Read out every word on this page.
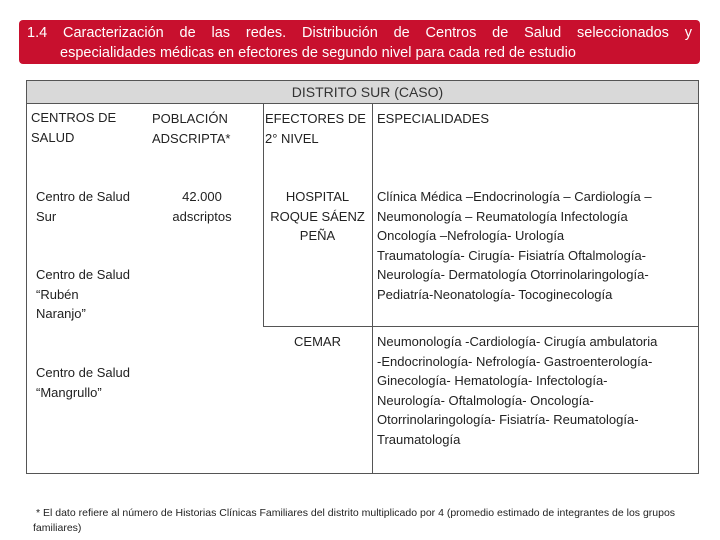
1.4 Caracterización de las redes. Distribución de Centros de Salud seleccionados y
especialidades médicas en efectores de segundo nivel para cada red de estudio
DISTRITO SUR (CASO)
CENTROS DE
SALUD
POBLACIÓN
ADSCRIPTA*
EFECTORES DE
2° NIVEL
ESPECIALIDADES
Centro de Salud
Sur
Centro de Salud
“Rubén
Naranjo”
Centro de Salud
“Mangrullo”
42.000
adscriptos
HOSPITAL
ROQUE SÁENZ
PEÑA
CEMAR
Clínica Médica –Endocrinología – Cardiología –
Neumonología – Reumatología Infectología
Oncología –Nefrología- Urología
Traumatología- Cirugía- Fisiatría Oftalmología-
Neurología- Dermatología Otorrinolaringología-
Pediatría-Neonatología- Tocoginecología
Neumonología -Cardiología- Cirugía ambulatoria
-Endocrinología- Nefrología- Gastroenterología-
Ginecología- Hematología- Infectología-
Neurología- Oftalmología- Oncología-
Otorrinolaringología- Fisiatría- Reumatología-
Traumatología
* El dato refiere al número de Historias Clínicas Familiares del distrito multiplicado por 4 (promedio estimado de integrantes de los grupos
familiares)
